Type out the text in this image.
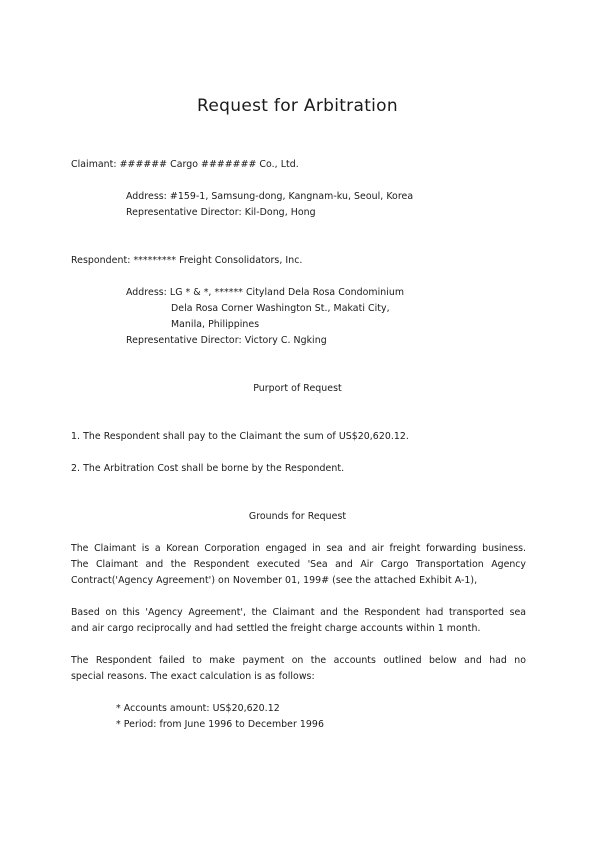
Request for Arbitration
Claimant: ###### Cargo ####### Co., Ltd.
Address: #159-1, Samsung-dong, Kangnam-ku, Seoul, Korea
Representative Director: Kil-Dong, Hong
Respondent: ********* Freight Consolidators, Inc.
Address: LG * & *, ****** Cityland Dela Rosa Condominium
Dela Rosa Corner Washington St., Makati City,
Manila, Philippines
Representative Director: Victory C. Ngking
Purport of Request
1. The Respondent shall pay to the Claimant the sum of US$20,620.12.
2. The Arbitration Cost shall be borne by the Respondent.
Grounds for Request
The Claimant is a Korean Corporation engaged in sea and air freight forwarding business.
The Claimant and the Respondent executed 'Sea and Air Cargo Transportation Agency
Contract('Agency Agreement') on November 01, 199# (see the attached Exhibit A-1),
Based on this 'Agency Agreement', the Claimant and the Respondent had transported sea
and air cargo reciprocally and had settled the freight charge accounts within 1 month.
The Respondent failed to make payment on the accounts outlined below and had no
special reasons. The exact calculation is as follows:
* Accounts amount: US$20,620.12
* Period: from June 1996 to December 1996
